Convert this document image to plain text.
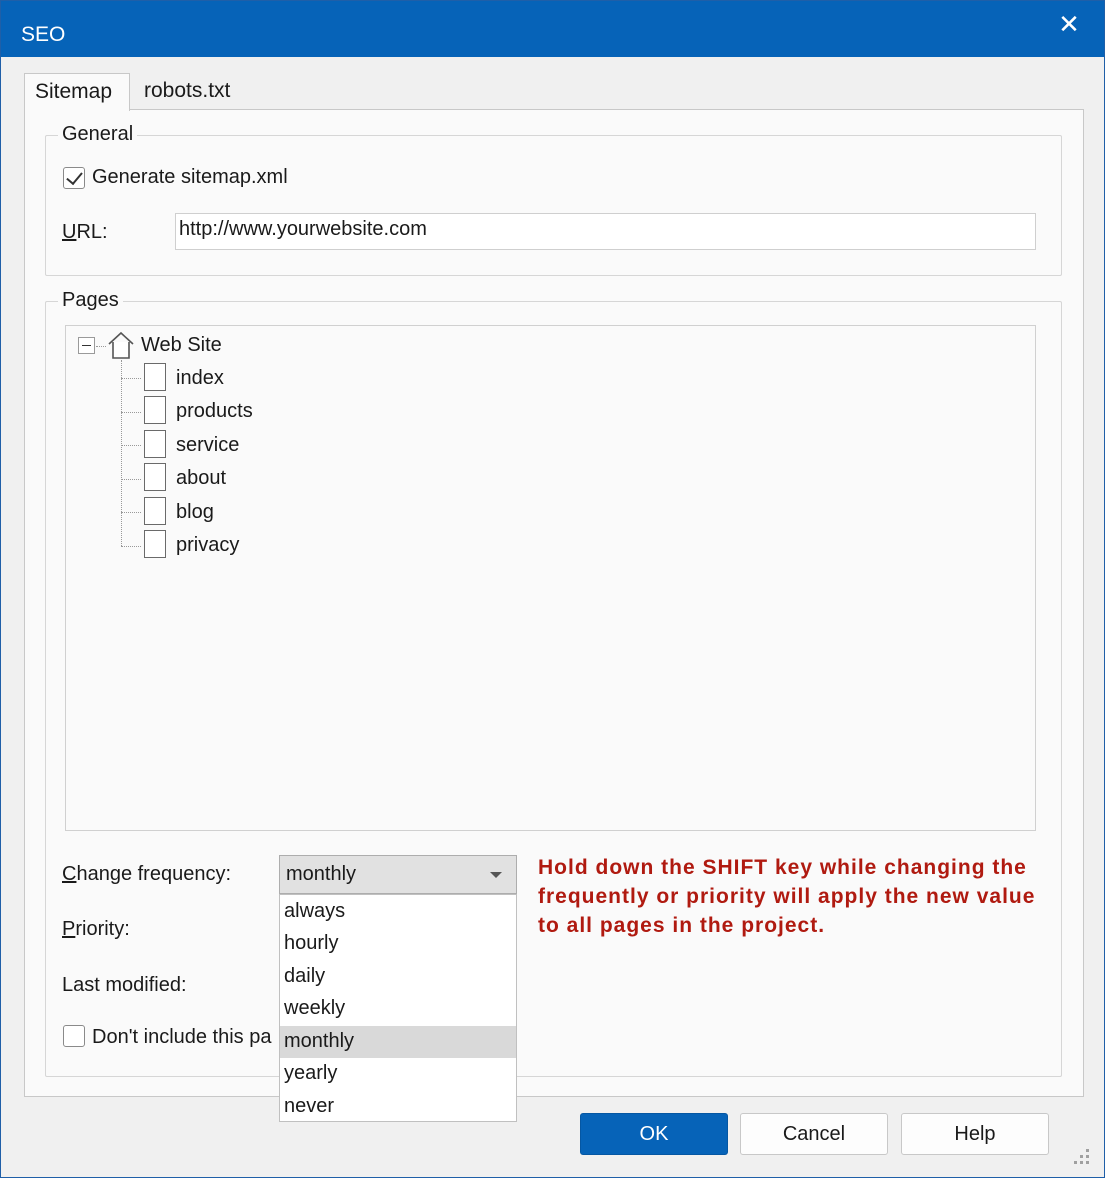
SEO	✕
Sitemap	robots.txt
General
Generate sitemap.xml
URL:	http://www.yourwebsite.com
Pages
Web Site
index
products
service
about
blog
privacy
Change frequency:	monthly
Priority:
Last modified:
Don't include this pa
always
hourly
daily
weekly
monthly
yearly
never
Hold down the SHIFT key while changing the frequently or priority will apply the new value to all pages in the project.
OK	Cancel	Help
